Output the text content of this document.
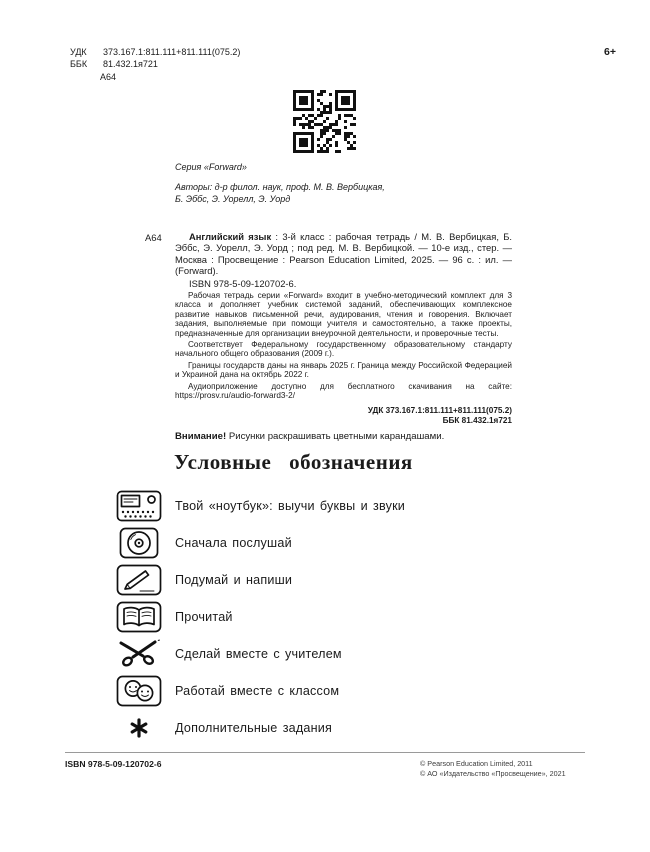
УДК 373.167.1:811.111+811.111(075.2)
ББК 81.432.1я721
А64
6+
Серия «Forward»
Авторы: д-р филол. наук, проф. М. В. Вербицкая,
Б. Эббс, Э. Уорелл, Э. Уорд
А64	Английский язык : 3-й класс : рабочая тетрадь / М. В. Вербицкая, Б. Эббс, Э. Уорелл, Э. Уорд ; под ред. М. В. Вербицкой. — 10-е изд., стер. — Москва : Просвещение : Pearson Education Limited, 2025. — 96 с. : ил. — (Forward).

ISBN 978-5-09-120702-6.

Рабочая тетрадь серии «Forward» входит в учебно-методический комплект для 3 класса и дополняет учебник системой заданий, обеспечивающих комплексное развитие навыков письменной речи, аудирования, чтения и говорения. Включает задания, выполняемые при помощи учителя и самостоятельно, а также проекты, предназначенные для организации внеурочной деятельности, и проверочные тесты.

Соответствует Федеральному государственному образовательному стандарту начального общего образования (2009 г.).

Границы государств даны на январь 2025 г. Граница между Российской Федерацией и Украиной дана на октябрь 2022 г.

Аудиоприложение доступно для бесплатного скачивания на сайте: https://prosv.ru/audio-forward3-2/

УДК 373.167.1:811.111+811.111(075.2)

ББК 81.432.1я721

Внимание! Рисунки раскрашивать цветными карандашами.
Условные обозначения
Твой «ноутбук»: выучи буквы и звуки
Сначала послушай
Подумай и напиши
Прочитай
Сделай вместе с учителем
Работай вместе с классом
Дополнительные задания
ISBN 978-5-09-120702-6	© Pearson Education Limited, 2011
© АО «Издательство «Просвещение», 2021
